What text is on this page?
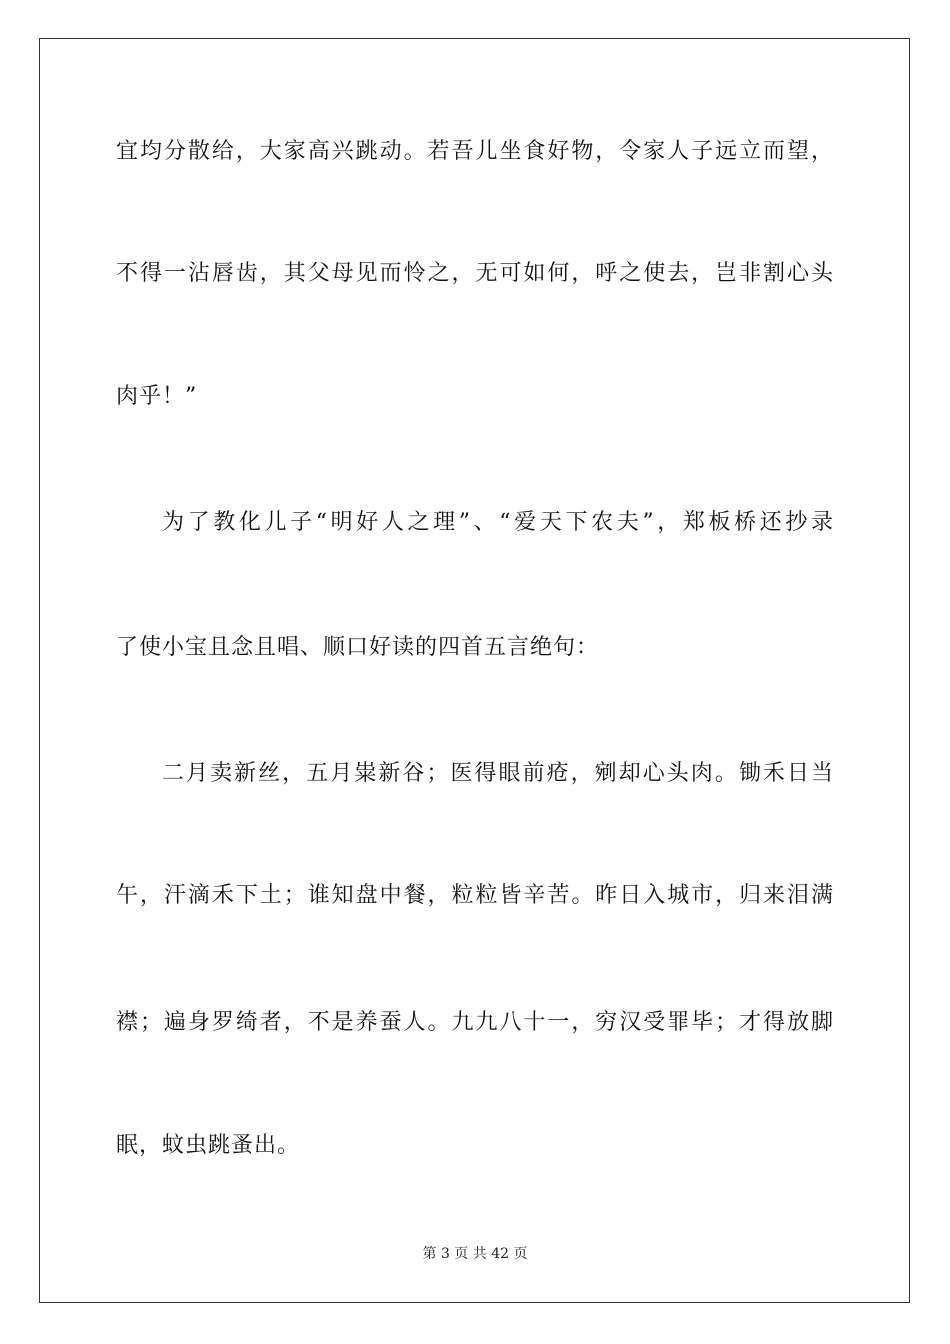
宜均分散给，大家高兴跳动。若吾儿坐食好物，令家人子远立而望，
不得一沾唇齿，其父母见而怜之，无可如何，呼之使去，岂非割心头
肉乎！”
为了教化儿子“明好人之理”、“爱天下农夫”，郑板桥还抄录
了使小宝且念且唱、顺口好读的四首五言绝句：
二月卖新丝，五月粜新谷；医得眼前疮，剜却心头肉。锄禾日当
午，汗滴禾下土；谁知盘中餐，粒粒皆辛苦。昨日入城市，归来泪满
襟；遍身罗绮者，不是养蚕人。九九八十一，穷汉受罪毕；才得放脚
眠，蚊虫跳蚤出。
第 3 页 共 42 页
